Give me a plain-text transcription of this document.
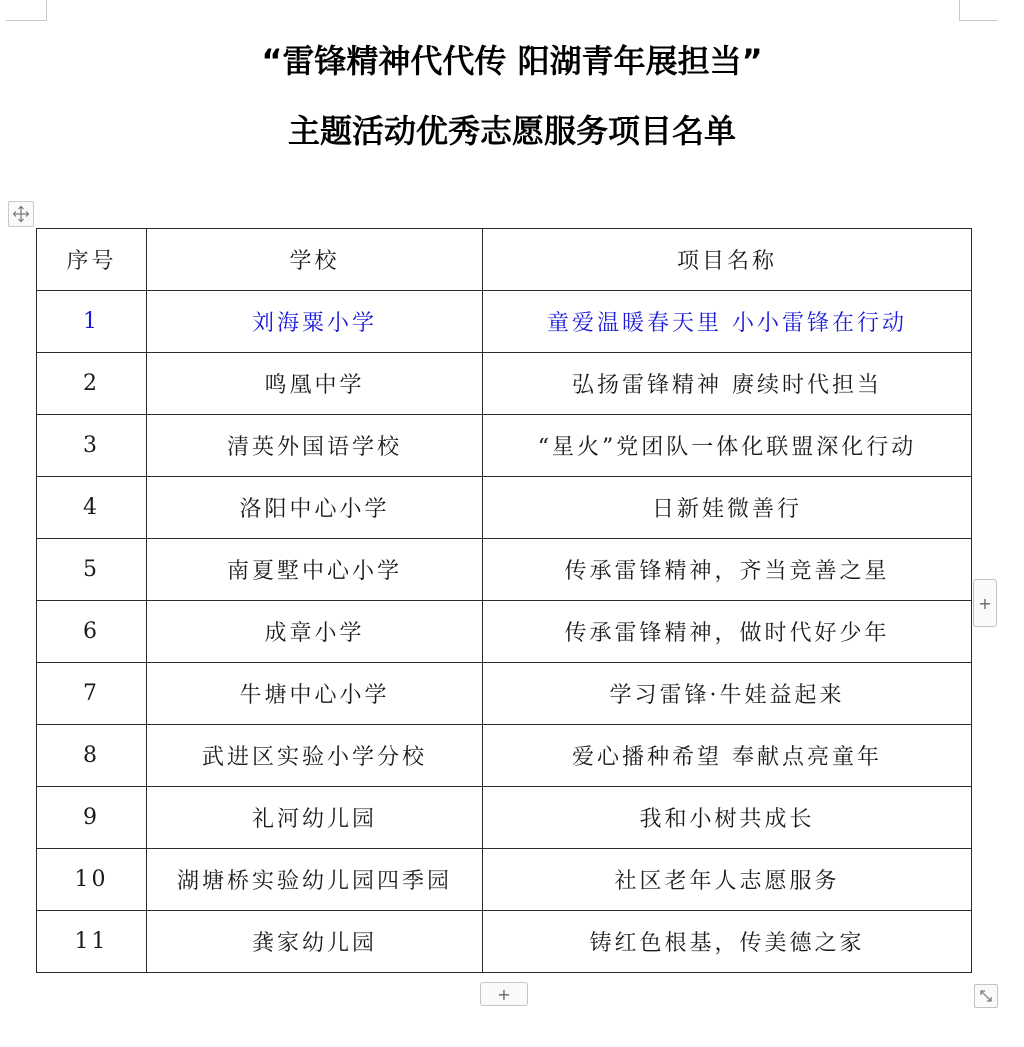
“雷锋精神代代传 阳湖青年展担当”
主题活动优秀志愿服务项目名单
序号	学校	项目名称
1	刘海粟小学	童爱温暖春天里 小小雷锋在行动
2	鸣凰中学	弘扬雷锋精神 赓续时代担当
3	清英外国语学校	“星火”党团队一体化联盟深化行动
4	洛阳中心小学	日新娃微善行
5	南夏墅中心小学	传承雷锋精神，齐当竞善之星
6	成章小学	传承雷锋精神，做时代好少年
7	牛塘中心小学	学习雷锋·牛娃益起来
8	武进区实验小学分校	爱心播种希望 奉献点亮童年
9	礼河幼儿园	我和小树共成长
10	湖塘桥实验幼儿园四季园	社区老年人志愿服务
11	龚家幼儿园	铸红色根基，传美德之家
+
+
